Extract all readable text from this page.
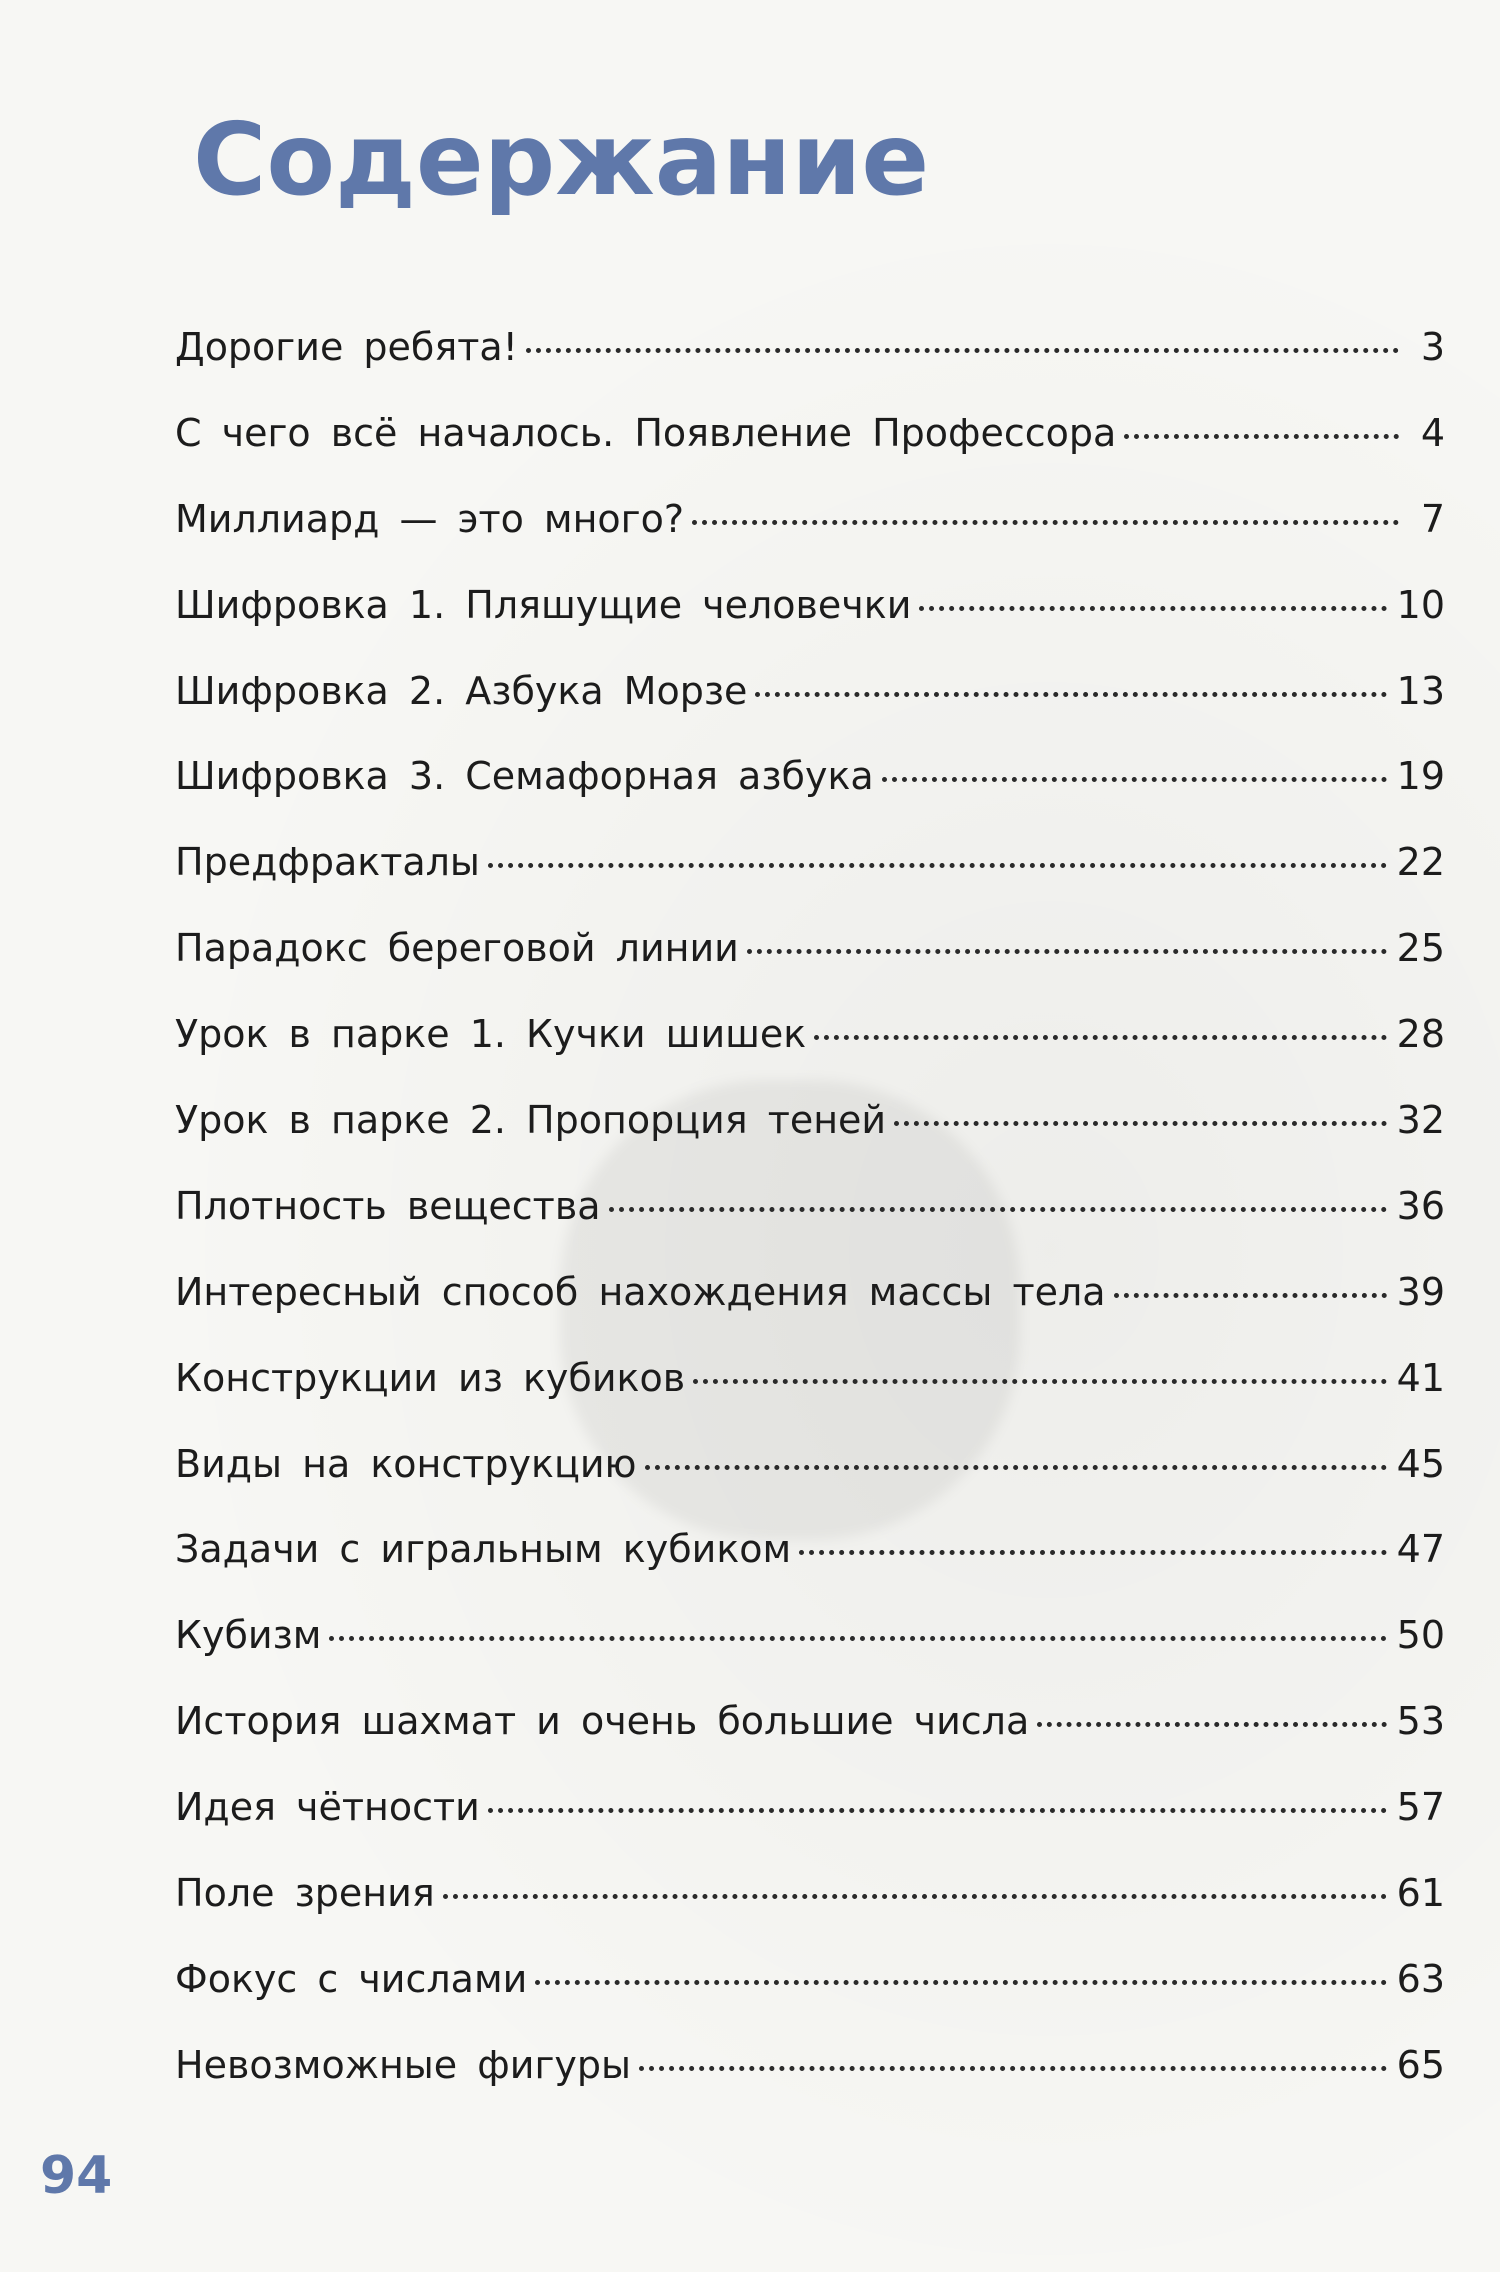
Содержание
Дорогие ребята!	3
С чего всё началось. Появление Профессора	4
Миллиард — это много?	7
Шифровка 1. Пляшущие человечки	10
Шифровка 2. Азбука Морзе	13
Шифровка 3. Семафорная азбука	19
Предфракталы	22
Парадокс береговой линии	25
Урок в парке 1. Кучки шишек	28
Урок в парке 2. Пропорция теней	32
Плотность вещества	36
Интересный способ нахождения массы тела	39
Конструкции из кубиков	41
Виды на конструкцию	45
Задачи с игральным кубиком	47
Кубизм	50
История шахмат и очень большие числа	53
Идея чётности	57
Поле зрения	61
Фокус с числами	63
Невозможные фигуры	65
94
